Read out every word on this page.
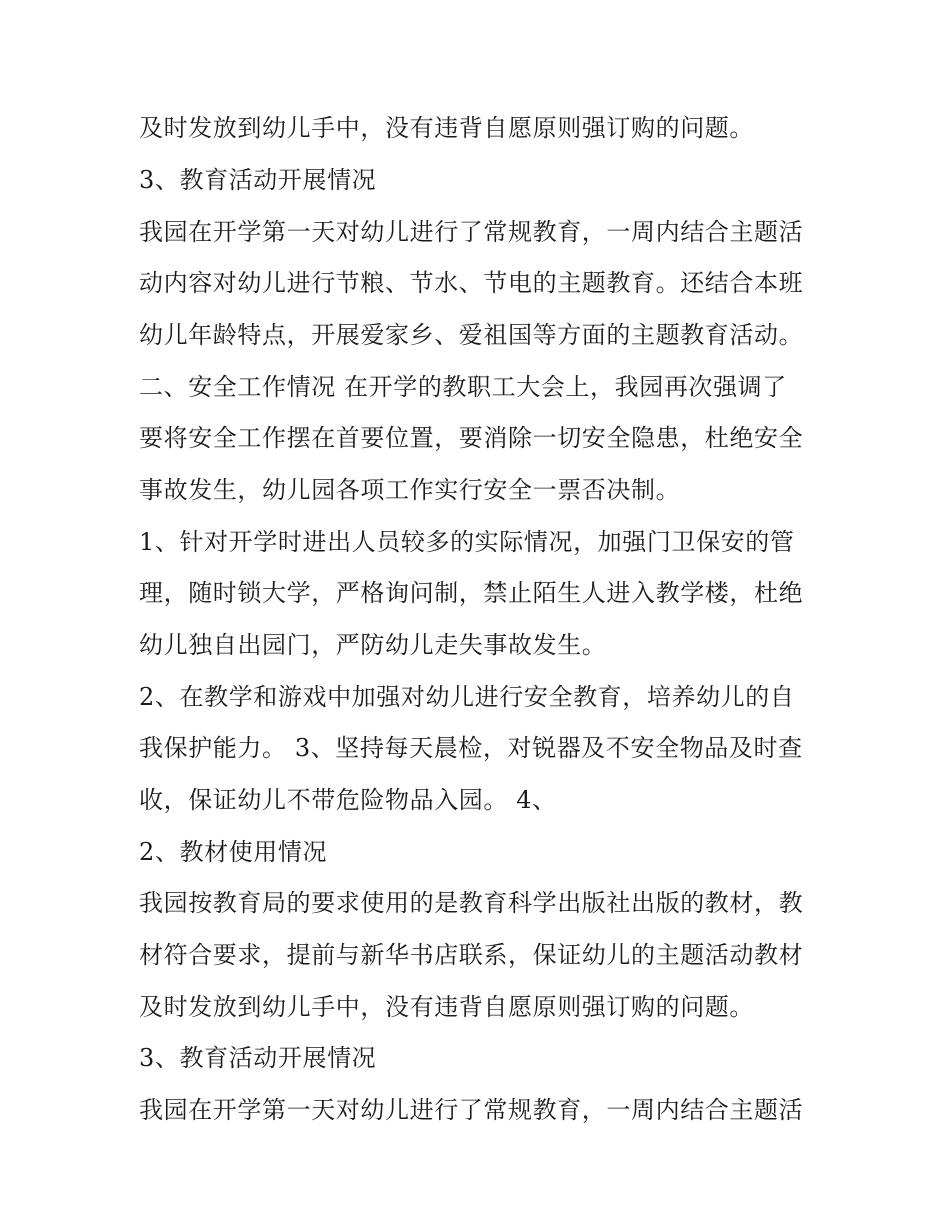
及时发放到幼儿手中，没有违背自愿原则强订购的问题。
3、教育活动开展情况
我园在开学第一天对幼儿进行了常规教育，一周内结合主题活
动内容对幼儿进行节粮、节水、节电的主题教育。还结合本班
幼儿年龄特点，开展爱家乡、爱祖国等方面的主题教育活动。
二、安全工作情况 在开学的教职工大会上，我园再次强调了
要将安全工作摆在首要位置，要消除一切安全隐患，杜绝安全
事故发生，幼儿园各项工作实行安全一票否决制。
1、针对开学时进出人员较多的实际情况，加强门卫保安的管
理，随时锁大学，严格询问制，禁止陌生人进入教学楼，杜绝
幼儿独自出园门，严防幼儿走失事故发生。
2、在教学和游戏中加强对幼儿进行安全教育，培养幼儿的自
我保护能力。 3、坚持每天晨检，对锐器及不安全物品及时查
收，保证幼儿不带危险物品入园。 4、
2、教材使用情况
我园按教育局的要求使用的是教育科学出版社出版的教材，教
材符合要求，提前与新华书店联系，保证幼儿的主题活动教材
及时发放到幼儿手中，没有违背自愿原则强订购的问题。
3、教育活动开展情况
我园在开学第一天对幼儿进行了常规教育，一周内结合主题活
